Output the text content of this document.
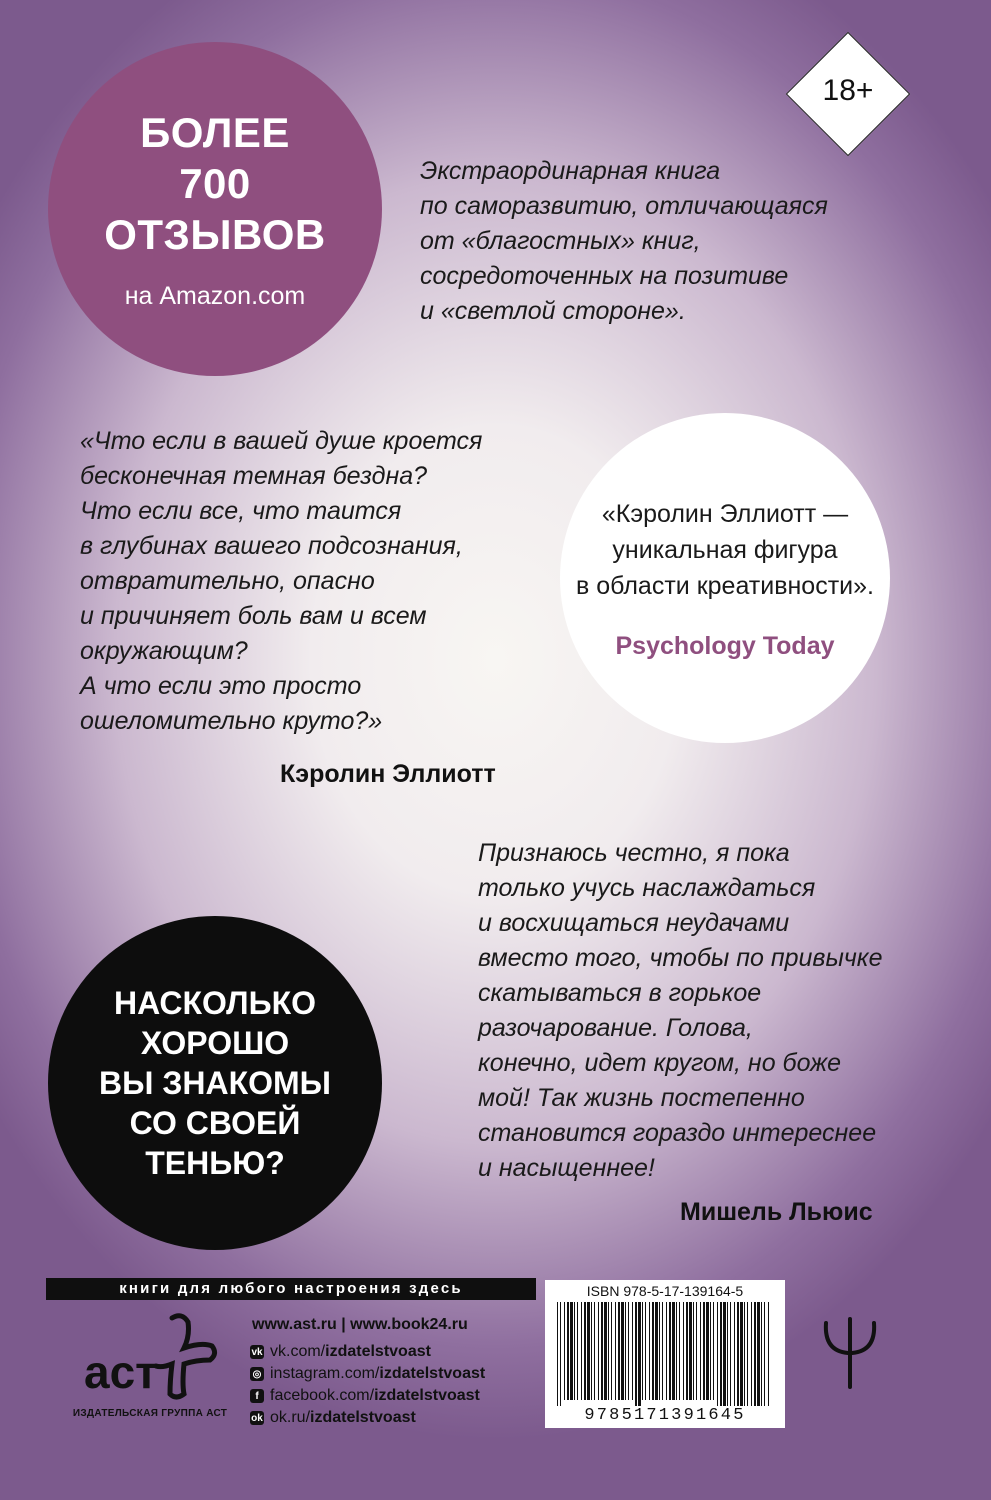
БОЛЕЕ
700
ОТЗЫВОВ
на Amazon.com
18+

Экстраординарная книга
по саморазвитию, отличающаяся
от «благостных» книг,
сосредоточенных на позитиве
и «светлой стороне».

«Что если в вашей душе кроется
бесконечная темная бездна?
Что если все, что таится
в глубинах вашего подсознания,
отвратительно, опасно
и причиняет боль вам и всем
окружающим?
А что если это просто
ошеломительно круто?»

Кэролин Эллиотт
«Кэролин Эллиотт —
уникальная фигура
в области креативности».
Psychology Today
НАСКОЛЬКО
ХОРОШО
ВЫ ЗНАКОМЫ
СО СВОЕЙ
ТЕНЬЮ?

Признаюсь честно, я пока
только учусь наслаждаться
и восхищаться неудачами
вместо того, чтобы по привычке
скатываться в горькое
разочарование. Голова,
конечно, идет кругом, но боже
мой! Так жизнь постепенно
становится гораздо интереснее
и насыщеннее!

Мишель Льюис
книги для любого настроения здесь
аст
ИЗДАТЕЛЬСКАЯ ГРУППА АСТ
www.ast.ru | www.book24.ru
vk vk.com/ izdatelstvoast
◎ instagram.com/ izdatelstvoast
f facebook.com/ izdatelstvoast
ok ok.ru/ izdatelstvoast
ISBN 978-5-17-139164-5
9785171391645
